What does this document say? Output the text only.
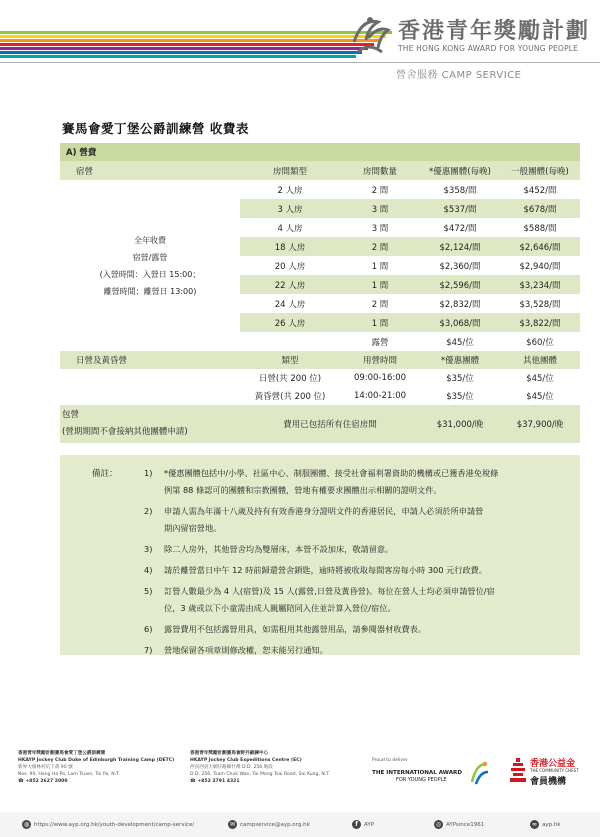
香港青年獎勵計劃
THE HONG KONG AWARD FOR YOUNG PEOPLE
營舍服務 CAMP SERVICE
賽馬會愛丁堡公爵訓練營 收費表
A) 營費
宿營	房間類型	房間數量	*優惠團體(每晚)	一般團體(每晚)
2 人房	2 間	$358/間	$452/間
3 人房	3 間	$537/間	$678/間
4 人房	3 間	$472/間	$588/間
18 人房	2 間	$2,124/間	$2,646/間
20 人房	1 間	$2,360/間	$2,940/間
22 人房	1 間	$2,596/間	$3,234/間
24 人房	2 間	$2,832/間	$3,528/間
26 人房	1 間	$3,068/間	$3,822/間
露營	$45/位	$60/位
全年收費
宿營/露營
(入營時間：入營日 15:00；
離營時間：離營日 13:00)
日營及黃昏營	類型	用營時間	*優惠團體	其他團體
日營(共 200 位)	09:00-16:00	$35/位	$45/位
黃昏營(共 200 位)	14:00-21:00	$35/位	$45/位
包營
(營期期間不會接納其他團體申請)
費用已包括所有住宿房間	$31,000/晚	$37,900/晚
備註：	1) *優惠團體包括中/小學、社區中心、制服團體、接受社會福利署資助的機構或已獲香港免稅條
例第 88 條認可的團體和宗教團體，營地有權要求團體出示相關的證明文件。
2) 申請人需為年滿十八歲及持有有效香港身分證明文件的香港居民，申請人必須於所申請營
期內留宿營地。
3) 除二人房外，其他營舍均為雙層床，本營不設加床，敬請留意。
4) 請於離營當日中午 12 時前歸還營舍鎖匙，逾時將被收取每間客房每小時 300 元行政費。
5) 訂營人數最少為 4 人(宿營)及 15 人(露營,日營及黃昏營)。每位在營人士均必須申請營位/宿
位，3 歲或以下小童需由成人親屬陪同入住並計算入營位/宿位。
6) 露營費用不包括露營用具，如需租用其他露營用品，請參閱器材收費表。
7) 營地保留各項章則修改權，恕未能另行通知。
香港青年獎勵計劃賽馬會愛丁堡公爵訓練營
HKAYP Jockey Club Duke of Edinburgh Training Camp (DETC)
新界大埔林村坑下莆 90 號
Nos. 90, Hang Ha Po, Lam Tsuen, Tai Po, N.T.
☎ +852 2627 2000
香港青年獎勵計劃賽馬會野外鍛鍊中心
HKAYP Jockey Club Expeditions Centre (EC)
西貢西貢大網仔路嶂竹灣 D.D. 256 地段
D.D. 256, Tsam Chuk Wan, Tai Mong Tsai Road, Sai Kung, N.T.
☎ +852 2791 4321
Proud to deliver
THE INTERNATIONAL AWARD
FOR YOUNG PEOPLE
香港公益金
THE COMMUNITY CHEST
會員機構
◍ https://www.ayp.org.hk/youth-development/camp-service/	✉ campservice@ayp.org.hk	f	AYP	◎ AYPsince1961	∞ ayp.hk
